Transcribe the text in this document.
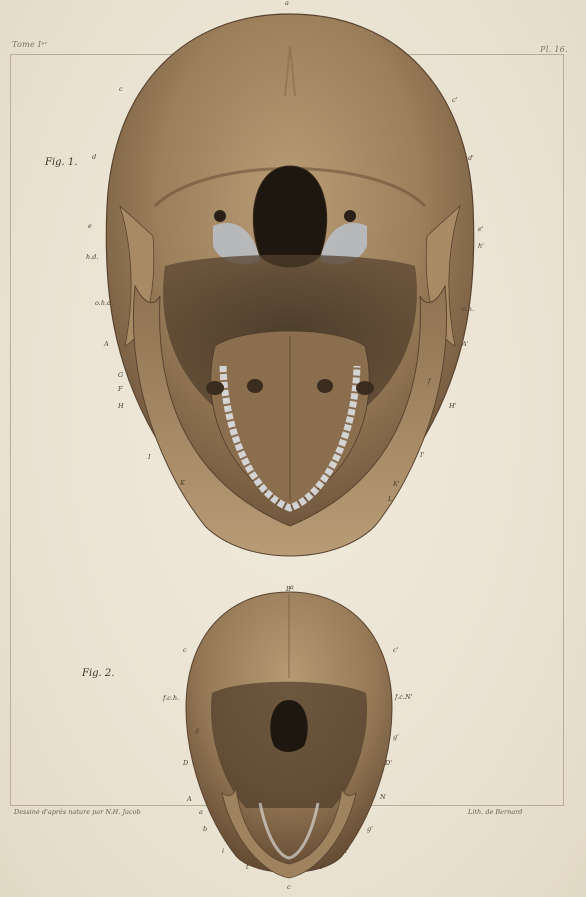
Tome Iᵉʳ
Pl. 16.
Fig. 1.
Fig. 2.
a
c
c'
d	d'
e	e'
h.d.
h'
o.h.d.
o.h.
A	A'
G
F
f
H	H'
I	I'
K	K'
L
B a
c	c'
f.c.h.	f.c.N'
g
g'
D	D'
A	N
a
b	g'
i	i'
t	t'
c
Dessiné d'après nature par N.H. Jacob	Lith. de Bernard
